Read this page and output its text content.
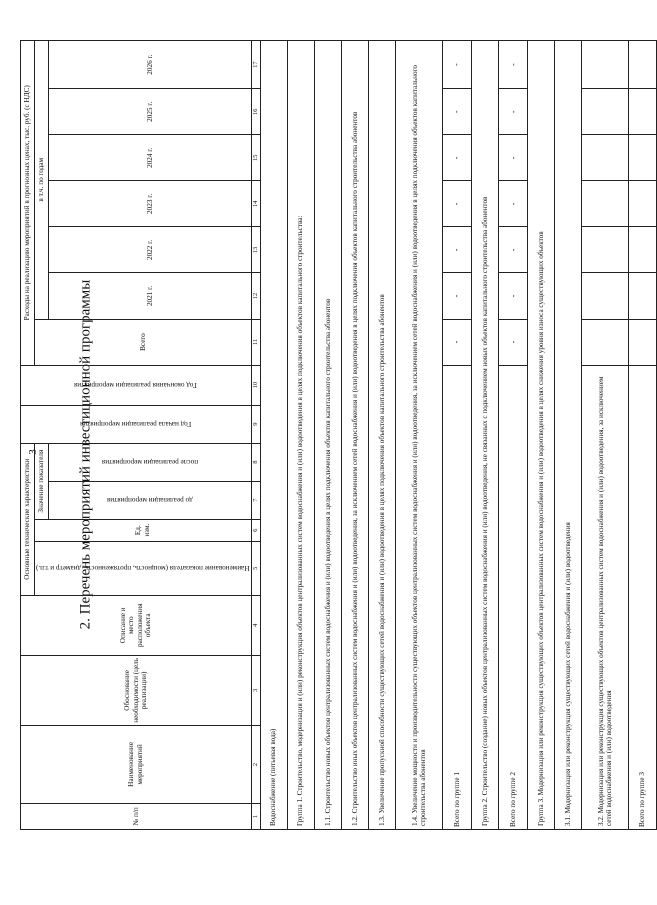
3	2. Перечень мероприятий инвестиционной программы
№ п/п	Наименование мероприятий	Обоснование необходимости (цель реализации)	Описание и место расположения объекта	Основные технические характеристики				Год начала реализации мероприятия	Год окончания реализации мероприятия	Расходы на реализацию мероприятий в прогнозных ценах, тыс. руб. (с НДС)						

				Наименование показателя (мощность, протяженность, диаметр и т.п.)	Ед. изм.	Значение показателя				Всего	в т.ч. по годам					

						до реализации мероприятия	после реализации мероприятия				2021 г.	2022 г.	2023 г.	2024 г.	2025 г.	2026 г.

1	2	3	4	5	6	7	8	9	10	11	12	13	14	15	16	17
Водоснабжение (питьевая вода)																
Группа 1. Строительство, модернизация и (или) реконструкция объектов централизованных систем водоснабжения и (или) водоотведения в целях подключения объектов капитального строительства:																
1.1. Строительство новых объектов централизованных систем водоснабжения и (или) водоотведения в целях подключения объектов капитального строительства абонентов																
1.2. Строительство иных объектов централизованных систем водоснабжения и (или) водоотведения, за исключением сетей водоснабжения и (или) водоотведения в целях подключения объектов капитального строительства абонентов																
1.3. Увеличение пропускной способности существующих сетей водоснабжения и (или) водоотведения в целях подключения объектов капитального строительства абонентов																
1.4. Увеличение мощности и производительности существующих объектов централизованных систем водоснабжения и (или) водоотведения, за исключением сетей водоснабжения и (или) водоотведения в целях подключения объектов капитального строительства абонентов																
Всего по группе 1										-	-	-	-	-	-	-
Группа 2. Строительство (создание) новых объектов централизованных систем водоснабжения и (или) водоотведения, не связанных с подключением новых объектов капитального строительства абонентов																
Всего по группе 2										-	-	-	-	-	-	-
Группа 3. Модернизация или реконструкция существующих объектов централизованных систем водоснабжения и (или) водоотведения в целях снижения уровня износа существующих объектов																
3.1. Модернизация или реконструкция существующих сетей водоснабжения и (или) водоотведения																
3.2. Модернизация или реконструкция существующих объектов централизованных систем водоснабжения и (или) водоотведения, за исключением сетей водоснабжения и (или) водоотведения																
Всего по группе 3																
